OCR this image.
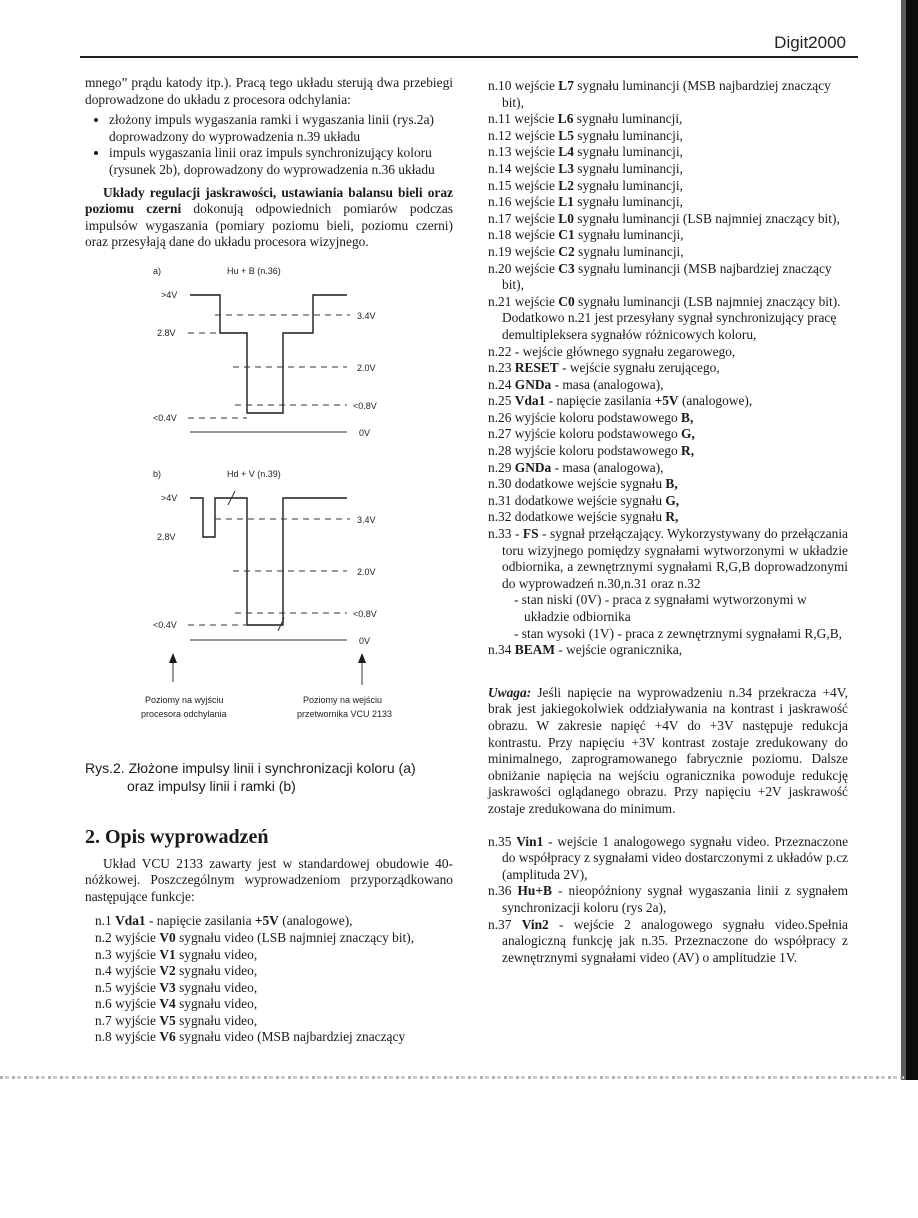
Digit2000

mnego” prądu katody itp.). Pracą tego układu sterują dwa przebiegi doprowadzone do układu z procesora odchylania:

• złożony impuls wygaszania ramki i wygaszania linii (rys.2a) doprowadzony do wyprowadzenia n.39 układu
• impuls wygaszania linii oraz impuls synchronizujący koloru (rysunek 2b), doprowadzony do wyprowadzenia n.36 układu

Układy regulacji jaskrawości, ustawiania balansu bieli oraz poziomu czerni dokonują odpowiednich pomiarów podczas impulsów wygaszania (pomiary poziomu bieli, poziomu czerni) oraz przesyłają dane do układu procesora wizyjnego.

a)	Hu + B (n.36)
>4V
2.8V
<0.4V
3.4V
2.0V
<0.8V
0V
b)	Hd + V (n.39)
>4V
2.8V
<0.4V
3.4V
2.0V
<0.8V
0V
Poziomy na wyjściu
procesora odchylania
Poziomy na wejściu
przetwornika VCU 2133
Rys.2. Złożone impulsy linii i synchronizacji koloru (a)
oraz impulsy linii i ramki (b)
2. Opis wyprowadzeń

Układ VCU 2133 zawarty jest w standardowej obudowie 40-nóżkowej. Poszczególnym wyprowadzeniom przyporządkowano następujące funkcje:

n.1 Vda1 - napięcie zasilania +5V (analogowe),
n.2 wyjście V0 sygnału video (LSB najmniej znaczący bit),
n.3 wyjście V1 sygnału video,
n.4 wyjście V2 sygnału video,
n.5 wyjście V3 sygnału video,
n.6 wyjście V4 sygnału video,
n.7 wyjście V5 sygnału video,
n.8 wyjście V6 sygnału video (MSB najbardziej znaczący
n.10 wejście L7 sygnału luminancji (MSB najbardziej znaczący bit),
n.11 wejście L6 sygnału luminancji,
n.12 wejście L5 sygnału luminancji,
n.13 wejście L4 sygnału luminancji,
n.14 wejście L3 sygnału luminancji,
n.15 wejście L2 sygnału luminancji,
n.16 wejście L1 sygnału luminancji,
n.17 wejście L0 sygnału luminancji (LSB najmniej znaczący bit),
n.18 wejście C1 sygnału luminancji,
n.19 wejście C2 sygnału luminancji,
n.20 wejście C3 sygnału luminancji (MSB najbardziej znaczący bit),
n.21 wejście C0 sygnału luminancji (LSB najmniej znaczący bit). Dodatkowo n.21 jest przesyłany sygnał synchronizujący pracę demultipleksera sygnałów różnicowych koloru,
n.22 - wejście głównego sygnału zegarowego,
n.23 RESET - wejście sygnału zerującego,
n.24 GNDa - masa (analogowa),
n.25 Vda1 - napięcie zasilania +5V (analogowe),
n.26 wyjście koloru podstawowego B,
n.27 wyjście koloru podstawowego G,
n.28 wyjście koloru podstawowego R,
n.29 GNDa - masa (analogowa),
n.30 dodatkowe wejście sygnału B,
n.31 dodatkowe wejście sygnału G,
n.32 dodatkowe wejście sygnału R,
n.33 - FS - sygnał przełączający. Wykorzystywany do przełączania toru wizyjnego pomiędzy sygnałami wytworzonymi w układzie odbiornika, a zewnętrznymi sygnałami R,G,B doprowadzonymi do wyprowadzeń n.30,n.31 oraz n.32
- stan niski (0V) - praca z sygnałami wytworzonymi w układzie odbiornika
- stan wysoki (1V) - praca z zewnętrznymi sygnałami R,G,B,
n.34 BEAM - wejście ogranicznika,

Uwaga: Jeśli napięcie na wyprowadzeniu n.34 przekracza +4V, brak jest jakiegokolwiek oddziaływania na kontrast i jaskrawość obrazu. W zakresie napięć +4V do +3V następuje redukcja kontrastu. Przy napięciu +3V kontrast zostaje zredukowany do minimalnego, zaprogramowanego fabrycznie poziomu. Dalsze obniżanie napięcia na wejściu ogranicznika powoduje redukcję jaskrawości oglądanego obrazu. Przy napięciu +2V jaskrawość zostaje zredukowana do minimum.

n.35 Vin1 - wejście 1 analogowego sygnału video. Przeznaczone do współpracy z sygnałami video dostarczonymi z układów p.cz (amplituda 2V),
n.36 Hu+B - nieopóźniony sygnał wygaszania linii z sygnałem synchronizacji koloru (rys 2a),
n.37 Vin2 - wejście 2 analogowego sygnału video.Spełnia analogiczną funkcję jak n.35. Przeznaczone do współpracy z zewnętrznymi sygnałami video (AV) o amplitudzie 1V.
